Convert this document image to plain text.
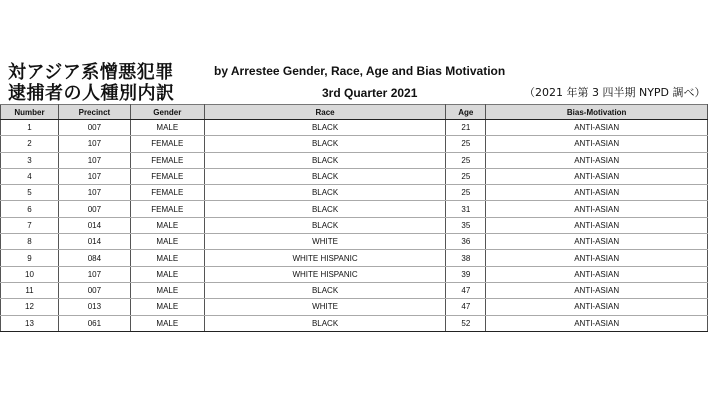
対アジア系憎悪犯罪
逮捕者の人種別内訳
by Arrestee Gender, Race, Age and Bias Motivation
3rd Quarter 2021	（2021 年第 3 四半期 NYPD 調べ）
Number	Precinct	Gender	Race	Age	Bias-Motivation
1	007	MALE	BLACK	21	ANTI-ASIAN
2	107	FEMALE	BLACK	25	ANTI-ASIAN
3	107	FEMALE	BLACK	25	ANTI-ASIAN
4	107	FEMALE	BLACK	25	ANTI-ASIAN
5	107	FEMALE	BLACK	25	ANTI-ASIAN
6	007	FEMALE	BLACK	31	ANTI-ASIAN
7	014	MALE	BLACK	35	ANTI-ASIAN
8	014	MALE	WHITE	36	ANTI-ASIAN
9	084	MALE	WHITE HISPANIC	38	ANTI-ASIAN
10	107	MALE	WHITE HISPANIC	39	ANTI-ASIAN
11	007	MALE	BLACK	47	ANTI-ASIAN
12	013	MALE	WHITE	47	ANTI-ASIAN
13	061	MALE	BLACK	52	ANTI-ASIAN
